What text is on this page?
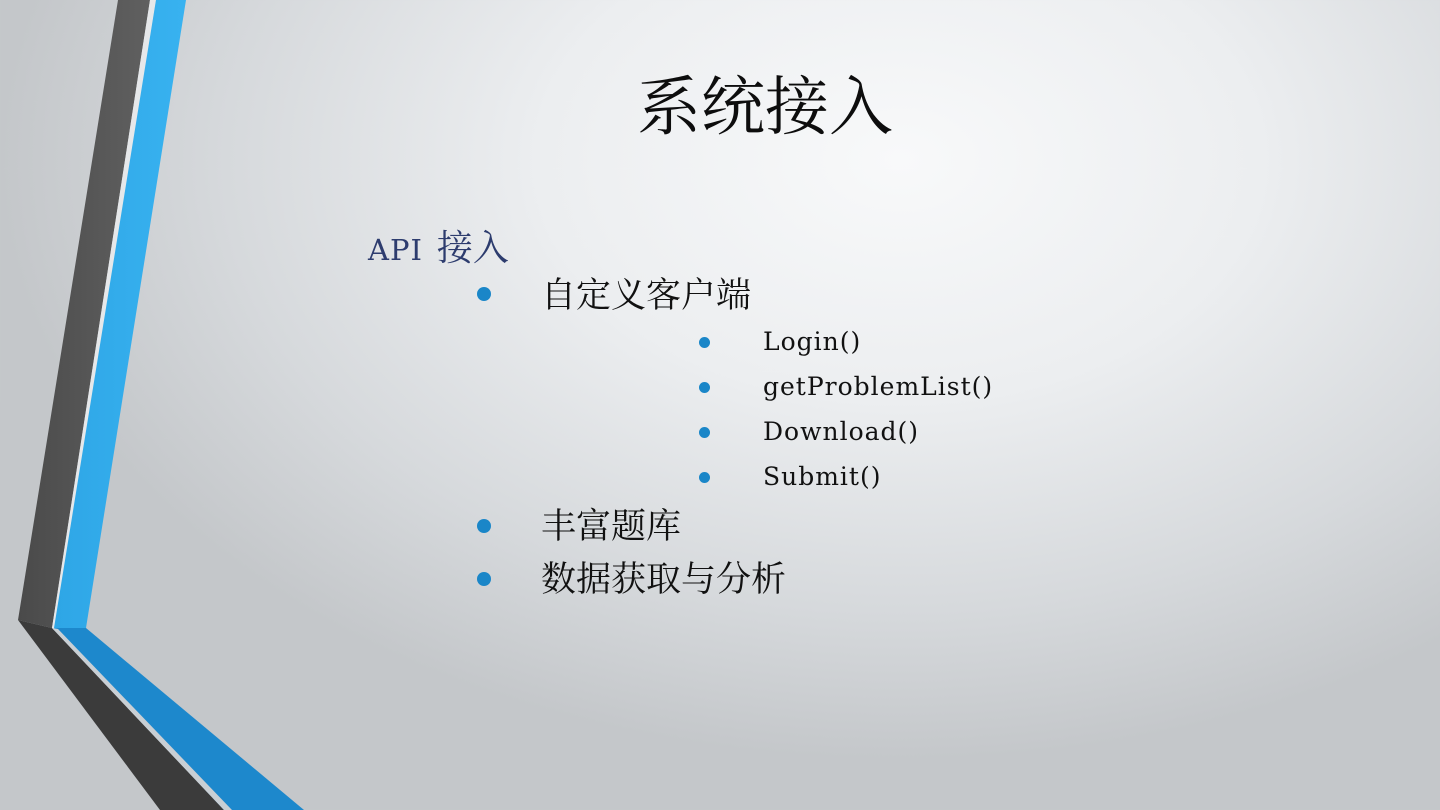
系统接入
API 接入
自定义客户端
Login()
getProblemList()
Download()
Submit()
丰富题库
数据获取与分析
